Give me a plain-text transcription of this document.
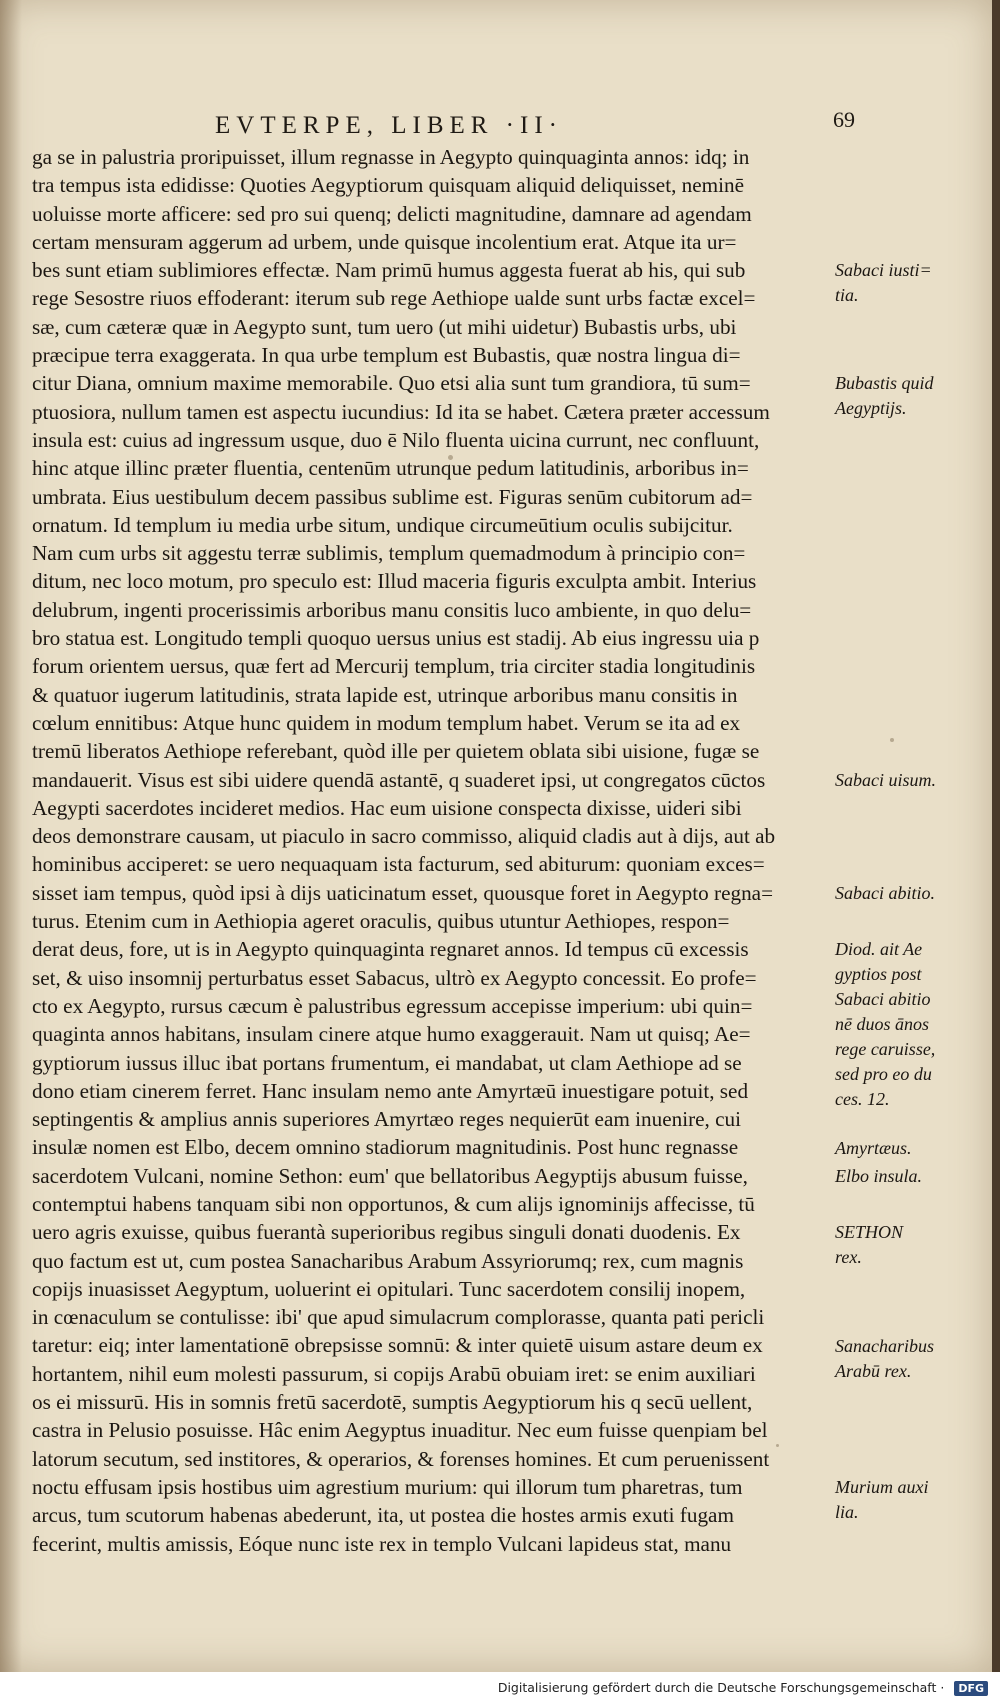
EVTERPE, LIBER ·II·	69
ga se in palustria proripuisset, illum regnasse in Aegypto quinquaginta annos: idq; in
tra tempus ista edidisse: Quoties Aegyptiorum quisquam aliquid deliquisset, neminē
uoluisse morte afficere: sed pro sui quenq; delicti magnitudine, damnare ad agendam
certam mensuram aggerum ad urbem, unde quisque incolentium erat. Atque ita ur=
bes sunt etiam sublimiores effectæ. Nam primū humus aggesta fuerat ab his, qui sub
rege Sesostre riuos effoderant: iterum sub rege Aethiope ualde sunt urbs factæ excel=
sæ, cum cæteræ quæ in Aegypto sunt, tum uero (ut mihi uidetur) Bubastis urbs, ubi
præcipue terra exaggerata. In qua urbe templum est Bubastis, quæ nostra lingua di=
citur Diana, omnium maxime memorabile. Quo etsi alia sunt tum grandiora, tū sum=
ptuosiora, nullum tamen est aspectu iucundius: Id ita se habet. Cætera præter accessum
insula est: cuius ad ingressum usque, duo ē Nilo fluenta uicina currunt, nec confluunt,
hinc atque illinc præter fluentia, centenūm utrunque pedum latitudinis, arboribus in=
umbrata. Eius uestibulum decem passibus sublime est. Figuras senūm cubitorum ad=
ornatum. Id templum iu media urbe situm, undique circumeūtium oculis subijcitur.
Nam cum urbs sit aggestu terræ sublimis, templum quemadmodum à principio con=
ditum, nec loco motum, pro speculo est: Illud maceria figuris exculpta ambit. Interius
delubrum, ingenti procerissimis arboribus manu consitis luco ambiente, in quo delu=
bro statua est. Longitudo templi quoquo uersus unius est stadij. Ab eius ingressu uia p
forum orientem uersus, quæ fert ad Mercurij templum, tria circiter stadia longitudinis
& quatuor iugerum latitudinis, strata lapide est, utrinque arboribus manu consitis in
cœlum ennitibus: Atque hunc quidem in modum templum habet. Verum se ita ad ex
tremū liberatos Aethiope referebant, quòd ille per quietem oblata sibi uisione, fugæ se
mandauerit. Visus est sibi uidere quendā astantē, q suaderet ipsi, ut congregatos cūctos
Aegypti sacerdotes incideret medios. Hac eum uisione conspecta dixisse, uideri sibi
deos demonstrare causam, ut piaculo in sacro commisso, aliquid cladis aut à dijs, aut ab
hominibus acciperet: se uero nequaquam ista facturum, sed abiturum: quoniam exces=
sisset iam tempus, quòd ipsi à dijs uaticinatum esset, quousque foret in Aegypto regna=
turus. Etenim cum in Aethiopia ageret oraculis, quibus utuntur Aethiopes, respon=
derat deus, fore, ut is in Aegypto quinquaginta regnaret annos. Id tempus cū excessis
set, & uiso insomnij perturbatus esset Sabacus, ultrò ex Aegypto concessit. Eo profe=
cto ex Aegypto, rursus cæcum è palustribus egressum accepisse imperium: ubi quin=
quaginta annos habitans, insulam cinere atque humo exaggerauit. Nam ut quisq; Ae=
gyptiorum iussus illuc ibat portans frumentum, ei mandabat, ut clam Aethiope ad se
dono etiam cinerem ferret. Hanc insulam nemo ante Amyrtæū inuestigare potuit, sed
septingentis & amplius annis superiores Amyrtæo reges nequierūt eam inuenire, cui
insulæ nomen est Elbo, decem omnino stadiorum magnitudinis. Post hunc regnasse
sacerdotem Vulcani, nomine Sethon: eum' que bellatoribus Aegyptijs abusum fuisse,
contemptui habens tanquam sibi non opportunos, & cum alijs ignominijs affecisse, tū
uero agris exuisse, quibus fuerantà superioribus regibus singuli donati duodenis. Ex
quo factum est ut, cum postea Sanacharibus Arabum Assyriorumq; rex, cum magnis
copijs inuasisset Aegyptum, uoluerint ei opitulari. Tunc sacerdotem consilij inopem,
in cœnaculum se contulisse: ibi' que apud simulacrum complorasse, quanta pati pericli
taretur: eiq; inter lamentationē obrepsisse somnū: & inter quietē uisum astare deum ex
hortantem, nihil eum molesti passurum, si copijs Arabū obuiam iret: se enim auxiliari
os ei missurū. His in somnis fretū sacerdotē, sumptis Aegyptiorum his q secū uellent,
castra in Pelusio posuisse. Hâc enim Aegyptus inuaditur. Nec eum fuisse quenpiam bel
latorum secutum, sed institores, & operarios, & forenses homines. Et cum peruenissent
noctu effusam ipsis hostibus uim agrestium murium: qui illorum tum pharetras, tum
arcus, tum scutorum habenas abederunt, ita, ut postea die hostes armis exuti fugam
fecerint, multis amissis, Eóque nunc iste rex in templo Vulcani lapideus stat, manu
Sabaci iusti=
tia.
Bubastis quid
Aegyptijs.
Sabaci uisum.
Sabaci abitio.
Diod. ait Ae
gyptios post
Sabaci abitio
nē duos ānos
rege caruisse,
sed pro eo du
ces. 12.
Amyrtæus.
Elbo insula.
SETHON
rex.
Sanacharibus
Arabū rex.
Murium auxi
lia.
Digitalisierung gefördert durch die Deutsche Forschungsgemeinschaft · DFG
